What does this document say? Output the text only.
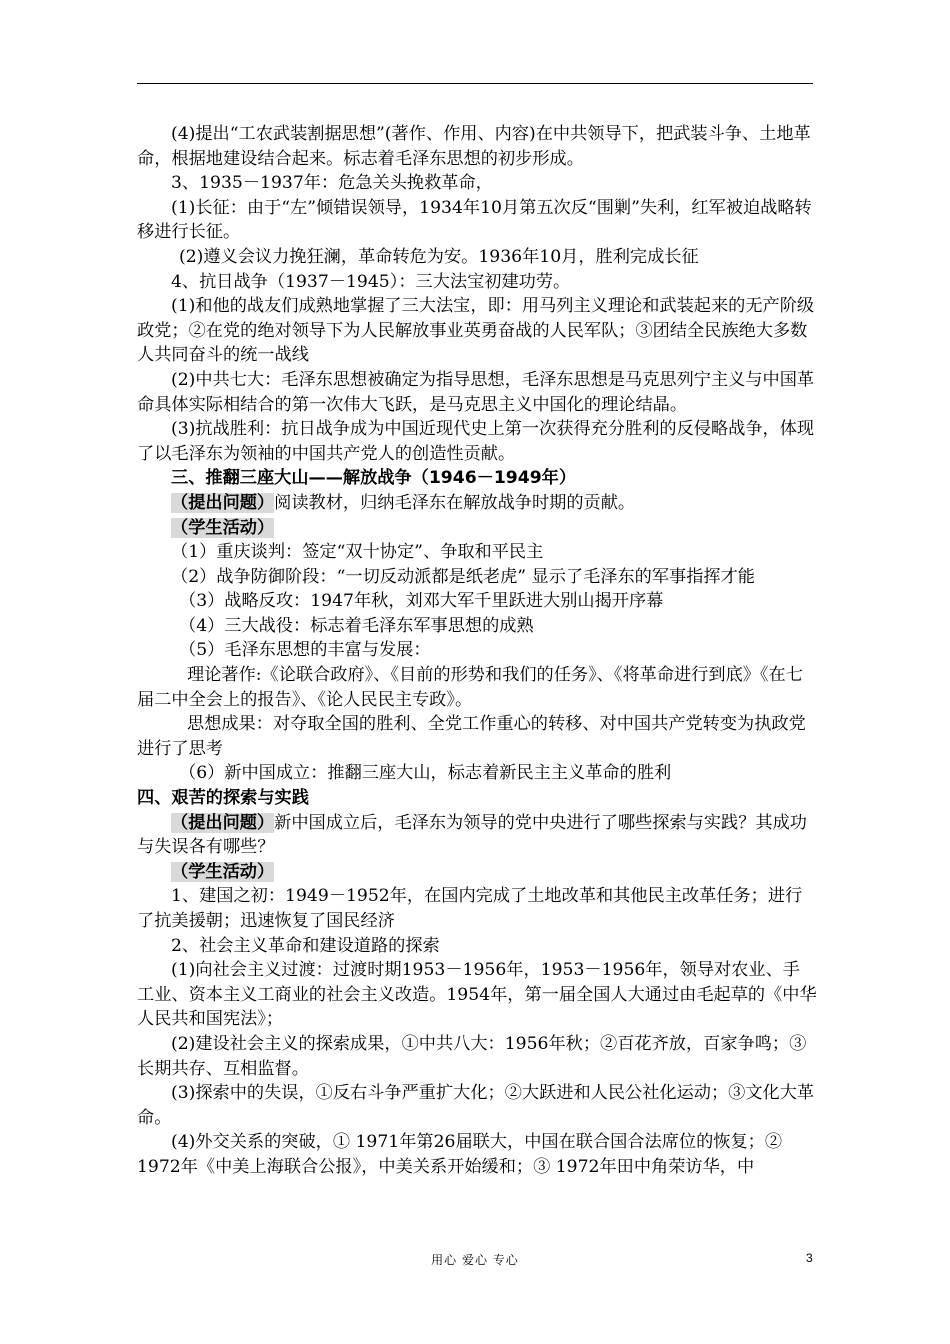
(4)提出“工农武装割据思想”(著作、作用、内容)在中共领导下，把武装斗争、土地革命，根据地建设结合起来。标志着毛泽东思想的初步形成。

3、1935－1937年：危急关头挽救革命，

(1)长征：由于“左”倾错误领导，1934年10月第五次反“围剿”失利，红军被迫战略转移进行长征。

(2)遵义会议力挽狂澜，革命转危为安。1936年10月，胜利完成长征

4、抗日战争（1937－1945）：三大法宝初建功劳。

(1)和他的战友们成熟地掌握了三大法宝，即：用马列主义理论和武装起来的无产阶级政党；②在党的绝对领导下为人民解放事业英勇奋战的人民军队；③团结全民族绝大多数人共同奋斗的统一战线

(2)中共七大：毛泽东思想被确定为指导思想，毛泽东思想是马克思列宁主义与中国革命具体实际相结合的第一次伟大飞跃，是马克思主义中国化的理论结晶。

(3)抗战胜利：抗日战争成为中国近现代史上第一次获得充分胜利的反侵略战争，体现了以毛泽东为领袖的中国共产党人的创造性贡献。

三、推翻三座大山——解放战争（1946－1949年）

（提出问题）阅读教材，归纳毛泽东在解放战争时期的贡献。

（学生活动）

（1）重庆谈判：签定“双十协定”、争取和平民主

（2）战争防御阶段：“一切反动派都是纸老虎” 显示了毛泽东的军事指挥才能

（3）战略反攻：1947年秋，刘邓大军千里跃进大别山揭开序幕

（4）三大战役：标志着毛泽东军事思想的成熟

（5）毛泽东思想的丰富与发展：

理论著作:《论联合政府》、《目前的形势和我们的任务》、《将革命进行到底》《在七届二中全会上的报告》、《论人民民主专政》。

思想成果：对夺取全国的胜利、全党工作重心的转移、对中国共产党转变为执政党进行了思考

（6）新中国成立：推翻三座大山，标志着新民主主义革命的胜利

四、艰苦的探索与实践

（提出问题）新中国成立后，毛泽东为领导的党中央进行了哪些探索与实践？其成功与失误各有哪些？

（学生活动）

1、建国之初：1949－1952年，在国内完成了土地改革和其他民主改革任务；进行了抗美援朝；迅速恢复了国民经济

2、社会主义革命和建设道路的探索

(1)向社会主义过渡：过渡时期1953－1956年，1953－1956年，领导对农业、手工业、资本主义工商业的社会主义改造。1954年，第一届全国人大通过由毛起草的《中华人民共和国宪法》；

(2)建设社会主义的探索成果，①中共八大：1956年秋；②百花齐放，百家争鸣；③长期共存、互相监督。

(3)探索中的失误，①反右斗争严重扩大化；②大跃进和人民公社化运动；③文化大革命。

(4)外交关系的突破，① 1971年第26届联大，中国在联合国合法席位的恢复；② 1972年《中美上海联合公报》，中美关系开始缓和；③ 1972年田中角荣访华，中

用心 爱心 专心	3
